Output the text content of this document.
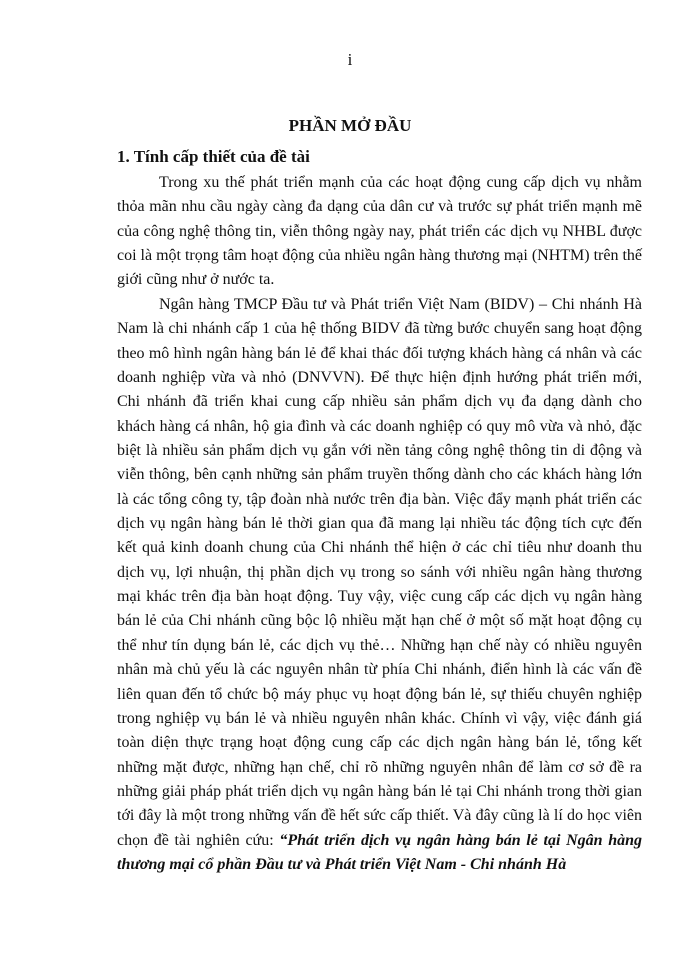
i
PHẦN MỞ ĐẦU
1. Tính cấp thiết của đề tài

Trong xu thế phát triển mạnh của các hoạt động cung cấp dịch vụ nhằm thỏa mãn nhu cầu ngày càng đa dạng của dân cư và trước sự phát triển mạnh mẽ của công nghệ thông tin, viễn thông ngày nay, phát triển các dịch vụ NHBL được coi là một trọng tâm hoạt động của nhiều ngân hàng thương mại (NHTM) trên thế giới cũng như ở nước ta.

Ngân hàng TMCP Đầu tư và Phát triển Việt Nam (BIDV) – Chi nhánh Hà Nam là chi nhánh cấp 1 của hệ thống BIDV đã từng bước chuyển sang hoạt động theo mô hình ngân hàng bán lẻ để khai thác đối tượng khách hàng cá nhân và các doanh nghiệp vừa và nhỏ (DNVVN). Để thực hiện định hướng phát triển mới, Chi nhánh đã triển khai cung cấp nhiều sản phẩm dịch vụ đa dạng dành cho khách hàng cá nhân, hộ gia đình và các doanh nghiệp có quy mô vừa và nhỏ, đặc biệt là nhiều sản phẩm dịch vụ gắn với nền tảng công nghệ thông tin di động và viễn thông, bên cạnh những sản phẩm truyền thống dành cho các khách hàng lớn là các tổng công ty, tập đoàn nhà nước trên địa bàn. Việc đẩy mạnh phát triển các dịch vụ ngân hàng bán lẻ thời gian qua đã mang lại nhiều tác động tích cực đến kết quả kinh doanh chung của Chi nhánh thể hiện ở các chỉ tiêu như doanh thu dịch vụ, lợi nhuận, thị phần dịch vụ trong so sánh với nhiều ngân hàng thương mại khác trên địa bàn hoạt động. Tuy vậy, việc cung cấp các dịch vụ ngân hàng bán lẻ của Chi nhánh cũng bộc lộ nhiều mặt hạn chế ở một số mặt hoạt động cụ thể như tín dụng bán lẻ, các dịch vụ thẻ… Những hạn chế này có nhiều nguyên nhân mà chủ yếu là các nguyên nhân từ phía Chi nhánh, điển hình là các vấn đề liên quan đến tổ chức bộ máy phục vụ hoạt động bán lẻ, sự thiếu chuyên nghiệp trong nghiệp vụ bán lẻ và nhiều nguyên nhân khác. Chính vì vậy, việc đánh giá toàn diện thực trạng hoạt động cung cấp các dịch ngân hàng bán lẻ, tổng kết những mặt được, những hạn chế, chỉ rõ những nguyên nhân để làm cơ sở đề ra những giải pháp phát triển dịch vụ ngân hàng bán lẻ tại Chi nhánh trong thời gian tới đây là một trong những vấn đề hết sức cấp thiết. Và đây cũng là lí do học viên chọn đề tài nghiên cứu: “Phát triển dịch vụ ngân hàng bán lẻ tại Ngân hàng thương mại cổ phần Đầu tư và Phát triển Việt Nam - Chi nhánh Hà
